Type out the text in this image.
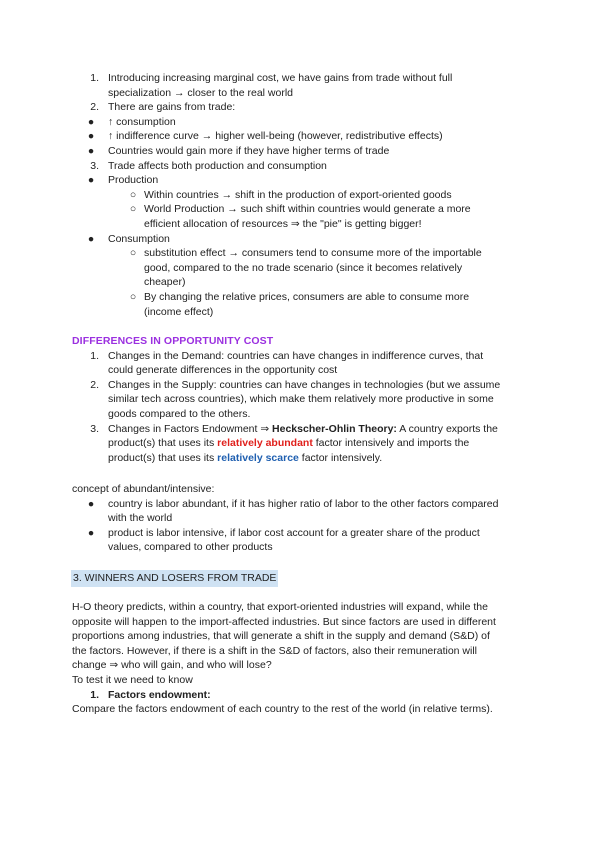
1. Introducing increasing marginal cost, we have gains from trade without full
specialization → closer to the real world
2. There are gains from trade:
● ↑ consumption
● ↑ indifference curve → higher well-being (however, redistributive effects)
● Countries would gain more if they have higher terms of trade
3. Trade affects both production and consumption
● Production
○ Within countries → shift in the production of export-oriented goods
○ World Production → such shift within countries would generate a more
efficient allocation of resources ⇒ the "pie" is getting bigger!
● Consumption
○ substitution effect → consumers tend to consume more of the importable
good, compared to the no trade scenario (since it becomes relatively
cheaper)
○ By changing the relative prices, consumers are able to consume more
(income effect)
DIFFERENCES IN OPPORTUNITY COST
1. Changes in the Demand: countries can have changes in indifference curves, that
could generate differences in the opportunity cost
2. Changes in the Supply: countries can have changes in technologies (but we assume
similar tech across countries), which make them relatively more productive in some
goods compared to the others.
3. Changes in Factors Endowment ⇒ Heckscher-Ohlin Theory: A country exports the
product(s) that uses its relatively abundant factor intensively and imports the
product(s) that uses its relatively scarce factor intensively.
concept of abundant/intensive:
● country is labor abundant, if it has higher ratio of labor to the other factors compared
with the world
● product is labor intensive, if labor cost account for a greater share of the product
values, compared to other products
3. WINNERS AND LOSERS FROM TRADE
H-O theory predicts, within a country, that export-oriented industries will expand, while the
opposite will happen to the import-affected industries. But since factors are used in different
proportions among industries, that will generate a shift in the supply and demand (S&D) of
the factors. However, if there is a shift in the S&D of factors, also their remuneration will
change ⇒ who will gain, and who will lose?
To test it we need to know
1. Factors endowment:
Compare the factors endowment of each country to the rest of the world (in relative terms).
